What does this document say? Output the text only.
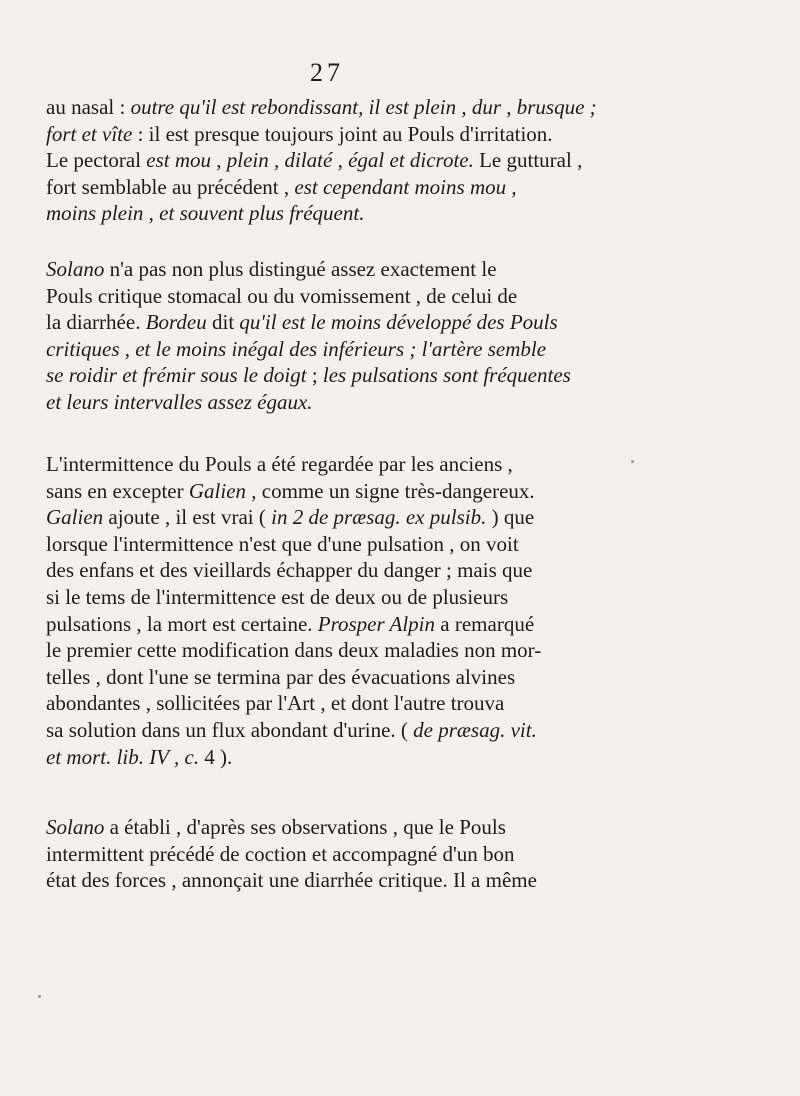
27
au nasal : outre qu'il est rebondissant, il est plein , dur , brusque ;
fort et vîte : il est presque toujours joint au Pouls d'irritation.
Le pectoral est mou , plein , dilaté , égal et dicrote. Le guttural ,
fort semblable au précédent , est cependant moins mou ,
moins plein , et souvent plus fréquent.
Solano n'a pas non plus distingué assez exactement le
Pouls critique stomacal ou du vomissement , de celui de
la diarrhée. Bordeu dit qu'il est le moins développé des Pouls
critiques , et le moins inégal des inférieurs ; l'artère semble
se roidir et frémir sous le doigt ; les pulsations sont fréquentes
et leurs intervalles assez égaux.
L'intermittence du Pouls a été regardée par les anciens ,
sans en excepter Galien , comme un signe très-dangereux.
Galien ajoute , il est vrai ( in 2 de præsag. ex pulsib. ) que
lorsque l'intermittence n'est que d'une pulsation , on voit
des enfans et des vieillards échapper du danger ; mais que
si le tems de l'intermittence est de deux ou de plusieurs
pulsations , la mort est certaine. Prosper Alpin a remarqué
le premier cette modification dans deux maladies non mor-
telles , dont l'une se termina par des évacuations alvines
abondantes , sollicitées par l'Art , et dont l'autre trouva
sa solution dans un flux abondant d'urine. ( de præsag. vit.
et mort. lib. IV , c. 4 ).
Solano a établi , d'après ses observations , que le Pouls
intermittent précédé de coction et accompagné d'un bon
état des forces , annonçait une diarrhée critique. Il a même
